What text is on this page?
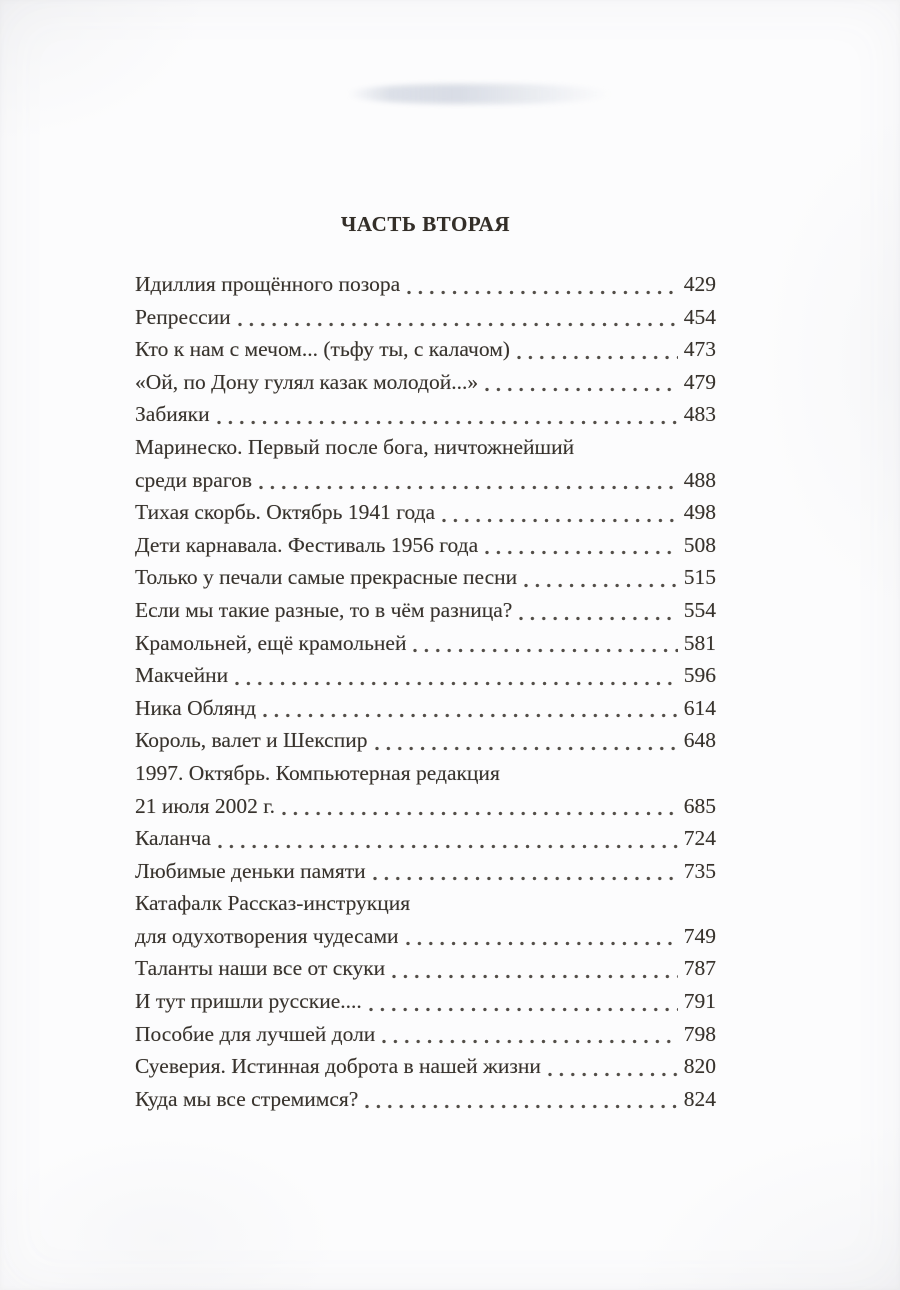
ЧАСТЬ ВТОРАЯ
Идиллия прощённого позора	429
Репрессии	454
Кто к нам с мечом... (тьфу ты, с калачом)	473
«Ой, по Дону гулял казак молодой...»	479
Забияки	483
Маринеско. Первый после бога, ничтожнейший
среди врагов	488
Тихая скорбь. Октябрь 1941 года	498
Дети карнавала. Фестиваль 1956 года	508
Только у печали самые прекрасные песни	515
Если мы такие разные, то в чём разница?	554
Крамольней, ещё крамольней	581
Макчейни	596
Ника Облянд	614
Король, валет и Шекспир	648
1997. Октябрь. Компьютерная редакция
21 июля 2002 г.	685
Каланча	724
Любимые деньки памяти	735
Катафалк Рассказ-инструкция
для одухотворения чудесами	749
Таланты наши все от скуки	787
И тут пришли русские....	791
Пособие для лучшей доли	798
Суеверия. Истинная доброта в нашей жизни	820
Куда мы все стремимся?	824
